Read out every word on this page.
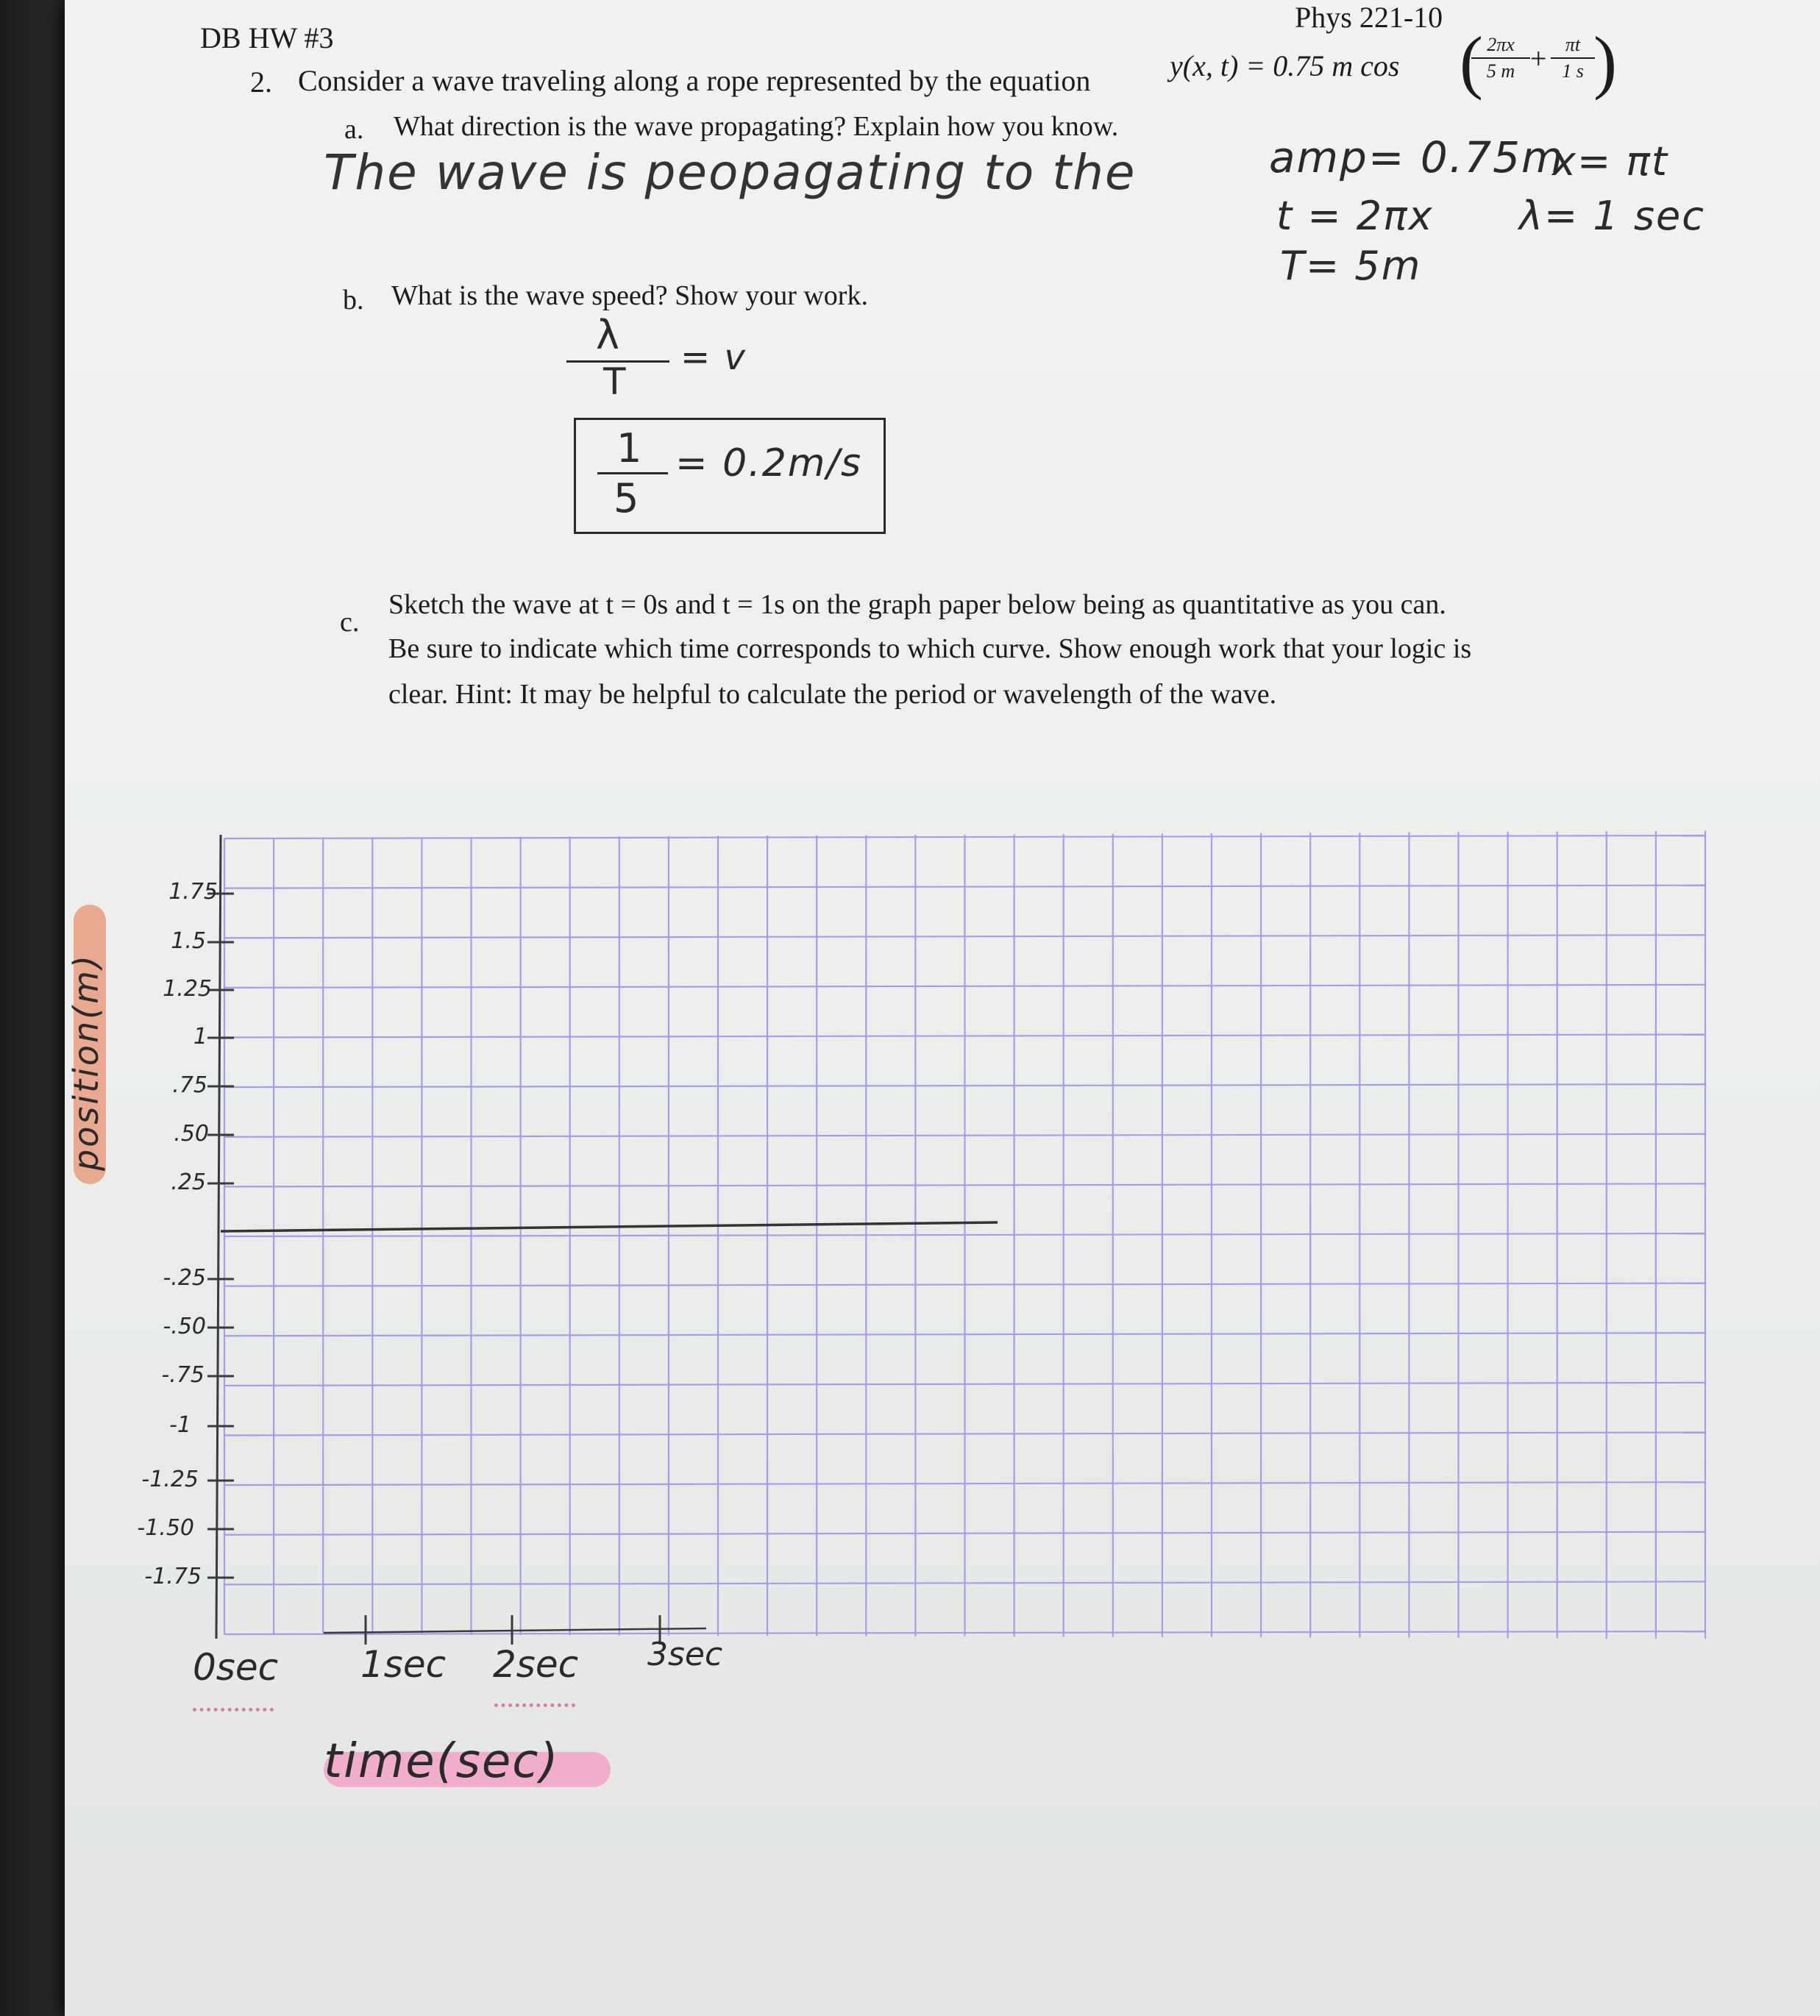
DB HW #3
Phys 221-10
2. Consider a wave traveling along a rope represented by the equation	y(x, t) = 0.75 m cos (
$\frac{2\pi x}{5 m} + \frac{\pi t}{1 s}$
)
a. What direction is the wave propagating? Explain how you know.
The wave is peopagating to the	amp= 0.75m
x= πt
t = 2πx λ= 1 sec
T= 5m
b. What is the wave speed? Show your work.
λ
T
= v
1
5
= 0.2m/s
c.
Sketch the wave at t = 0s and t = 1s on the graph paper below being as quantitative as you can.
Be sure to indicate which time corresponds to which curve. Show enough work that your logic is
clear. Hint: It may be helpful to calculate the period or wavelength of the wave.
1.75
1.5
1.25
1
.75
.50
.25
-.25
-.50
-.75
-1
-1.25
-1.50
-1.75
position(m)
0sec 1sec 2sec 3sec
time(sec)
